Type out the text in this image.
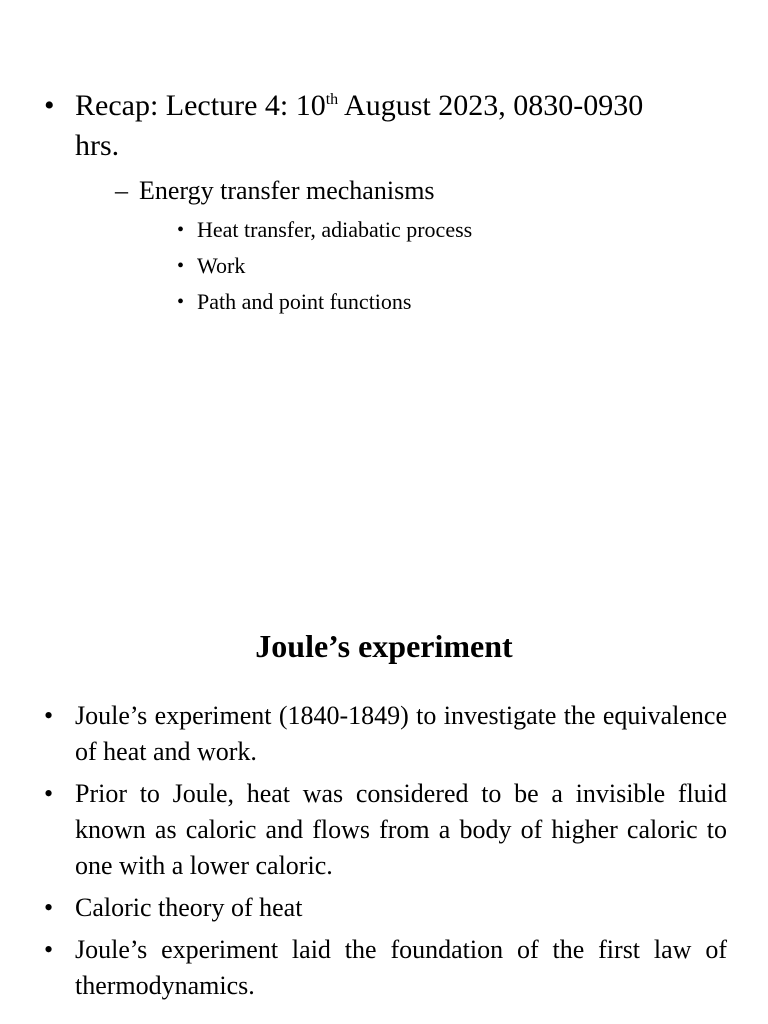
• Recap: Lecture 4: 10th August 2023, 0830-0930 hrs.
– Energy transfer mechanisms
• Heat transfer, adiabatic process
• Work
• Path and point functions
Joule’s experiment
• Joule’s experiment (1840-1849) to investigate the equivalence of heat and work.
• Prior to Joule, heat was considered to be a invisible fluid known as caloric and flows from a body of higher caloric to one with a lower caloric.
• Caloric theory of heat
• Joule’s experiment laid the foundation of the first law of thermodynamics.
